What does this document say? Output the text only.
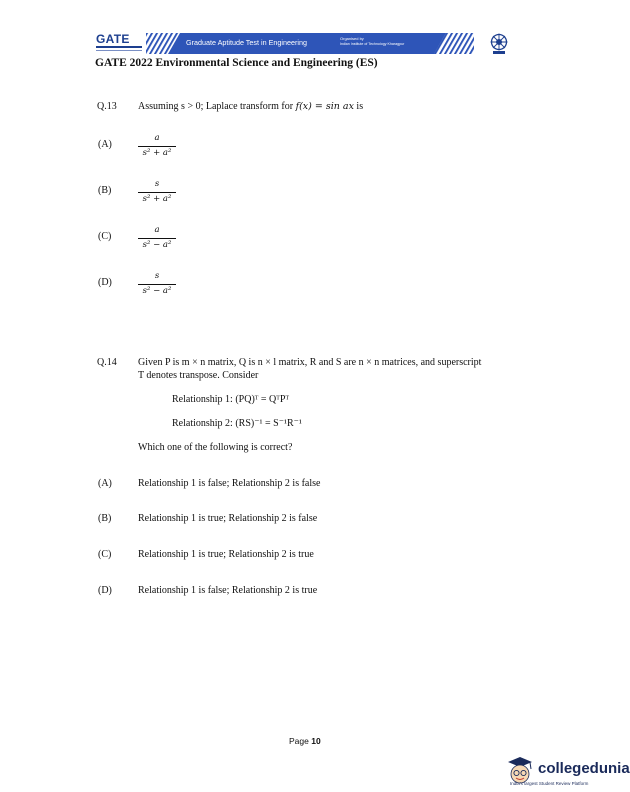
GATE	Graduate Aptitude Test in Engineering	Organised by
Indian Institute of Technology Kharagpur
GATE 2022 Environmental Science and Engineering (ES)
Q.13 Assuming s > 0; Laplace transform for f(x) = sin ax is
(A)
a
s² + a²
(B)
s
s² + a²
(C)
a
s² − a²
(D)
s
s² − a²
Q.14 Given P is m × n matrix, Q is n × l matrix, R and S are n × n matrices, and superscript
T denotes transpose. Consider
Relationship 1: (PQ)ᵀ = QᵀPᵀ
Relationship 2: (RS)⁻¹ = S⁻¹R⁻¹
Which one of the following is correct?
(A)	Relationship 1 is false; Relationship 2 is false
(B)	Relationship 1 is true; Relationship 2 is false
(C)	Relationship 1 is true; Relationship 2 is true
(D)	Relationship 1 is false; Relationship 2 is true
Page 10
collegedunia
India's largest Student Review Platform
